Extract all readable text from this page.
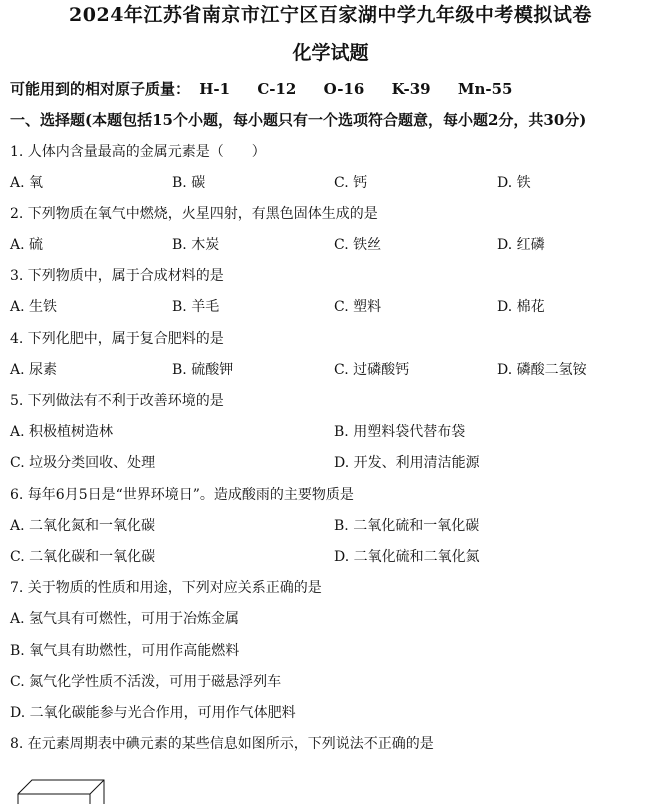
2024年江苏省南京市江宁区百家湖中学九年级中考模拟试卷
化学试题
可能用到的相对原子质量： H-1 C-12 O-16 K-39 Mn-55
一、选择题(本题包括15个小题，每小题只有一个选项符合题意，每小题2分，共30分)
1. 人体内含量最高的金属元素是（　　）
A. 氧	B. 碳	C. 钙	D. 铁
2. 下列物质在氧气中燃烧，火星四射，有黑色固体生成的是
A. 硫	B. 木炭	C. 铁丝	D. 红磷
3. 下列物质中，属于合成材料的是
A. 生铁	B. 羊毛	C. 塑料	D. 棉花
4. 下列化肥中，属于复合肥料的是
A. 尿素	B. 硫酸钾	C. 过磷酸钙	D. 磷酸二氢铵
5. 下列做法有不利于改善环境的是
A. 积极植树造林	B. 用塑料袋代替布袋
C. 垃圾分类回收、处理	D. 开发、利用清洁能源
6. 每年6月5日是“世界环境日”。造成酸雨的主要物质是
A. 二氧化氮和一氧化碳	B. 二氧化硫和一氧化碳
C. 二氧化碳和一氧化碳	D. 二氧化硫和二氧化氮
7. 关于物质的性质和用途，下列对应关系正确的是
A. 氢气具有可燃性，可用于冶炼金属
B. 氧气具有助燃性，可用作高能燃料
C. 氮气化学性质不活泼，可用于磁悬浮列车
D. 二氧化碳能参与光合作用，可用作气体肥料
8. 在元素周期表中碘元素的某些信息如图所示，下列说法不正确的是
